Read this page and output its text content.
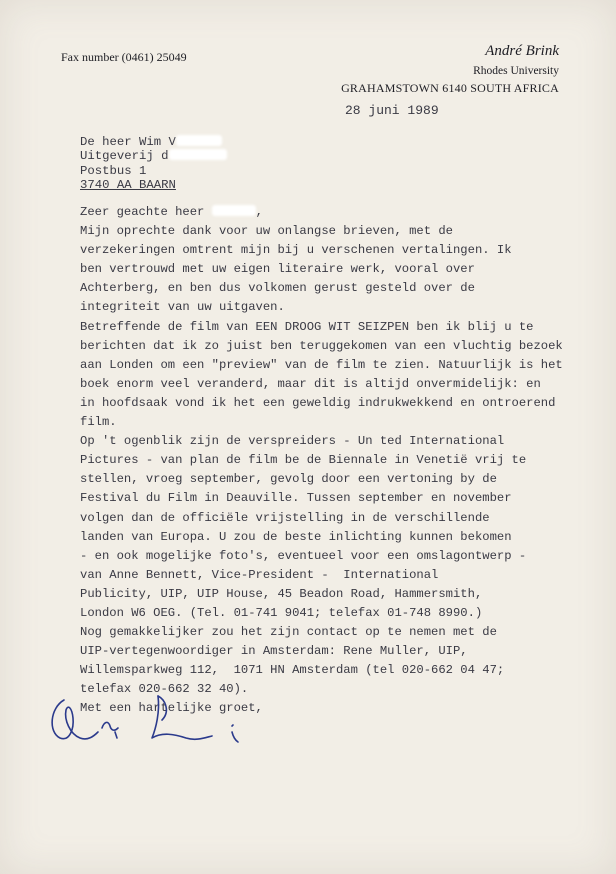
Fax number (0461) 25049	André Brink
Rhodes University
GRAHAMSTOWN 6140 SOUTH AFRICA
28 juni 1989
De heer Wim V
Uitgeverij d
Postbus 1
3740 AA BAARN
Zeer geachte heer	,
Mijn oprechte dank voor uw onlangse brieven, met de
verzekeringen omtrent mijn bij u verschenen vertalingen. Ik
ben vertrouwd met uw eigen literaire werk, vooral over
Achterberg, en ben dus volkomen gerust gesteld over de
integriteit van uw uitgaven.
Betreffende de film van EEN DROOG WIT SEIZPEN ben ik blij u te
berichten dat ik zo juist ben teruggekomen van een vluchtig bezoek
aan Londen om een "preview" van de film te zien. Natuurlijk is het
boek enorm veel veranderd, maar dit is altijd onvermidelijk: en
in hoofdsaak vond ik het een geweldig indrukwekkend en ontroerend
film.
Op 't ogenblik zijn de verspreiders - Un ted International
Pictures - van plan de film be de Biennale in Venetië vrij te
stellen, vroeg september, gevolg door een vertoning by de
Festival du Film in Deauville. Tussen september en november
volgen dan de officiële vrijstelling in de verschillende
landen van Europa. U zou de beste inlichting kunnen bekomen
- en ook mogelijke foto's, eventueel voor een omslagontwerp -
van Anne Bennett, Vice-President -  International
Publicity, UIP, UIP House, 45 Beadon Road, Hammersmith,
London W6 OEG. (Tel. 01-741 9041; telefax 01-748 8990.)
Nog gemakkelijker zou het zijn contact op te nemen met de
UIP-vertegenwoordiger in Amsterdam: Rene Muller, UIP,
Willemsparkweg 112,  1071 HN Amsterdam (tel 020-662 04 47;
telefax 020-662 32 40).
Met een hartelijke groet,
